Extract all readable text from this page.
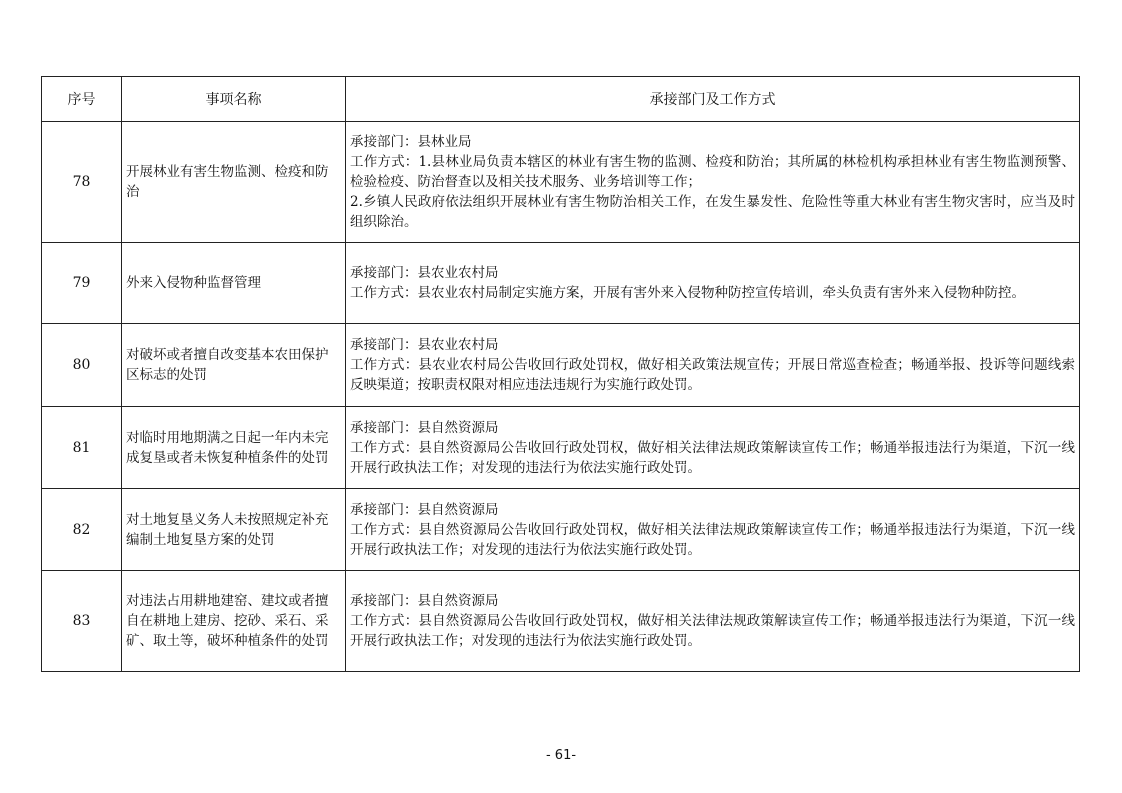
序号	事项名称	承接部门及工作方式
78	开展林业有害生物监测、检疫和防治	承接部门：县林业局
工作方式：1.县林业局负责本辖区的林业有害生物的监测、检疫和防治；其所属的林检机构承担林业有害生物监测预警、检验检疫、防治督查以及相关技术服务、业务培训等工作；
2.乡镇人民政府依法组织开展林业有害生物防治相关工作，在发生暴发性、危险性等重大林业有害生物灾害时，应当及时组织除治。

79	外来入侵物种监督管理	承接部门：县农业农村局
工作方式：县农业农村局制定实施方案，开展有害外来入侵物种防控宣传培训，牵头负责有害外来入侵物种防控。

80	对破坏或者擅自改变基本农田保护区标志的处罚	承接部门：县农业农村局
工作方式：县农业农村局公告收回行政处罚权，做好相关政策法规宣传；开展日常巡查检查；畅通举报、投诉等问题线索反映渠道；按职责权限对相应违法违规行为实施行政处罚。

81	对临时用地期满之日起一年内未完成复垦或者未恢复种植条件的处罚	承接部门：县自然资源局
工作方式：县自然资源局公告收回行政处罚权，做好相关法律法规政策解读宣传工作；畅通举报违法行为渠道，下沉一线开展行政执法工作；对发现的违法行为依法实施行政处罚。

82	对土地复垦义务人未按照规定补充编制土地复垦方案的处罚	承接部门：县自然资源局
工作方式：县自然资源局公告收回行政处罚权，做好相关法律法规政策解读宣传工作；畅通举报违法行为渠道，下沉一线开展行政执法工作；对发现的违法行为依法实施行政处罚。

83	对违法占用耕地建窑、建坟或者擅自在耕地上建房、挖砂、采石、采矿、取土等，破坏种植条件的处罚	承接部门：县自然资源局
工作方式：县自然资源局公告收回行政处罚权，做好相关法律法规政策解读宣传工作；畅通举报违法行为渠道，下沉一线开展行政执法工作；对发现的违法行为依法实施行政处罚。
- 61-
